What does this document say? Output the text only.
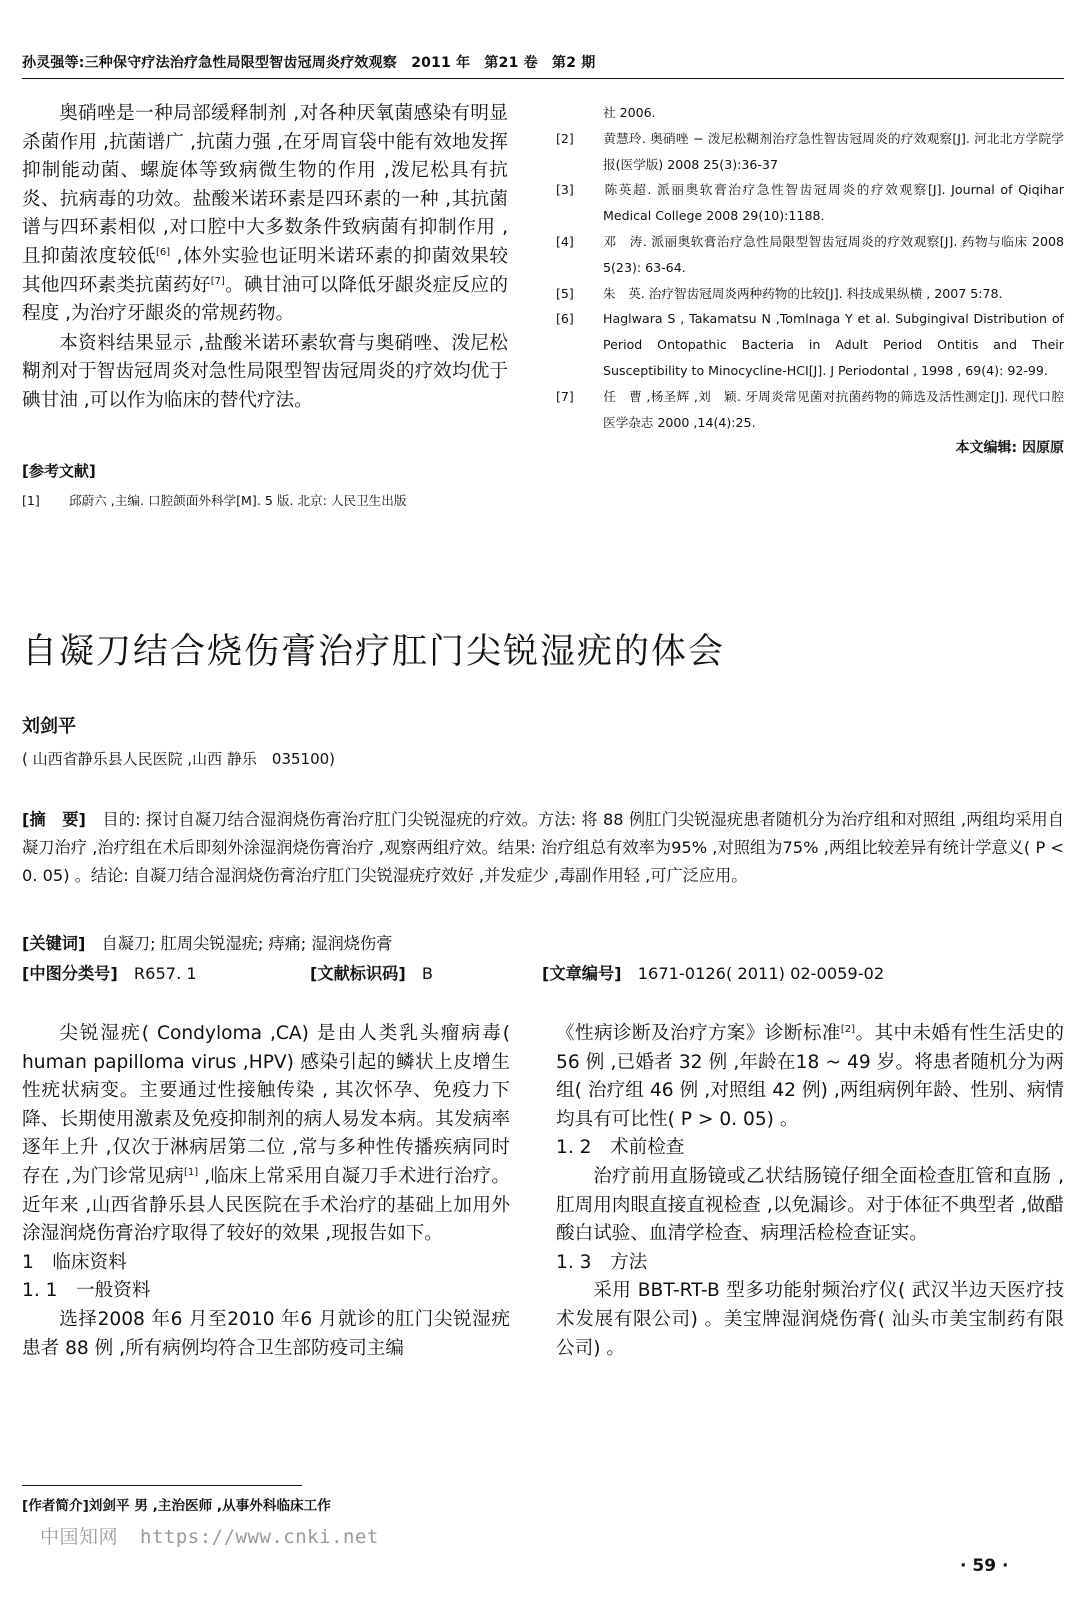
孙灵强等:三种保守疗法治疗急性局限型智齿冠周炎疗效观察　2011 年　第21 卷　第2 期

奥硝唑是一种局部缓释制剂 ,对各种厌氧菌感染有明显杀菌作用 ,抗菌谱广 ,抗菌力强 ,在牙周盲袋中能有效地发挥抑制能动菌、螺旋体等致病微生物的作用 ,泼尼松具有抗炎、抗病毒的功效。盐酸米诺环素是四环素的一种 ,其抗菌谱与四环素相似 ,对口腔中大多数条件致病菌有抑制作用 ,且抑菌浓度较低[6] ,体外实验也证明米诺环素的抑菌效果较其他四环素类抗菌药好[7]。碘甘油可以降低牙龈炎症反应的程度 ,为治疗牙龈炎的常规药物。

本资料结果显示 ,盐酸米诺环素软膏与奥硝唑、泼尼松糊剂对于智齿冠周炎对急性局限型智齿冠周炎的疗效均优于碘甘油 ,可以作为临床的替代疗法。

[参考文献]

[1] 邱蔚六 ,主编. 口腔颌面外科学[M]. 5 版. 北京: 人民卫生出版

社 2006.

[2] 黄慧玲. 奥硝唑 − 泼尼松糊剂治疗急性智齿冠周炎的疗效观察[J]. 河北北方学院学报(医学版) 2008 25(3):36-37

[3] 陈英超. 派丽奥软膏治疗急性智齿冠周炎的疗效观察[J]. Journal of Qiqihar Medical College 2008 29(10):1188.

[4] 邓　涛. 派丽奥软膏治疗急性局限型智齿冠周炎的疗效观察[J]. 药物与临床 2008 5(23): 63-64.

[5] 朱　英. 治疗智齿冠周炎两种药物的比较[J]. 科技成果纵横 , 2007 5:78.

[6] Haglwara S , Takamatsu N ,Tomlnaga Y et al. Subgingival Distribution of Period Ontopathic Bacteria in Adult Period Ontitis and Their Susceptibility to Minocycline-HCI[J]. J Periodontal , 1998 , 69(4): 92-99.

[7] 任　曹 ,杨圣辉 ,刘　颖. 牙周炎常见菌对抗菌药物的筛选及活性测定[J]. 现代口腔医学杂志 2000 ,14(4):25.

本文编辑: 因原原
自凝刀结合烧伤膏治疗肛门尖锐湿疣的体会
刘剑平
( 山西省静乐县人民医院 ,山西 静乐　035100)

[摘　要]　 目的: 探讨自凝刀结合湿润烧伤膏治疗肛门尖锐湿疣的疗效。方法: 将 88 例肛门尖锐湿疣患者随机分为治疗组和对照组 ,两组均采用自凝刀治疗 ,治疗组在术后即刻外涂湿润烧伤膏治疗 ,观察两组疗效。结果: 治疗组总有效率为95% ,对照组为75% ,两组比较差异有统计学意义( P < 0. 05) 。结论: 自凝刀结合湿润烧伤膏治疗肛门尖锐湿疣疗效好 ,并发症少 ,毒副作用轻 ,可广泛应用。

[关键词]　 自凝刀; 肛周尖锐湿疣; 痔痛; 湿润烧伤膏
[中图分类号]　 R657. 1	[文献标识码]　 B	[文章编号]　 1671-0126( 2011) 02-0059-02

尖锐湿疣( Condyloma ,CA) 是由人类乳头瘤病毒( human papilloma virus ,HPV) 感染引起的鳞状上皮增生性疣状病变。主要通过性接触传染 , 其次怀孕、免疫力下降、长期使用激素及免疫抑制剂的病人易发本病。其发病率逐年上升 ,仅次于淋病居第二位 ,常与多种性传播疾病同时存在 ,为门诊常见病[1] ,临床上常采用自凝刀手术进行治疗。近年来 ,山西省静乐县人民医院在手术治疗的基础上加用外涂湿润烧伤膏治疗取得了较好的效果 ,现报告如下。

1　临床资料

1. 1　一般资料

选择2008 年6 月至2010 年6 月就诊的肛门尖锐湿疣患者 88 例 ,所有病例均符合卫生部防疫司主编

《性病诊断及治疗方案》诊断标准[2]。其中未婚有性生活史的 56 例 ,已婚者 32 例 ,年龄在18 ~ 49 岁。将患者随机分为两组( 治疗组 46 例 ,对照组 42 例) ,两组病例年龄、性别、病情均具有可比性( P > 0. 05) 。

1. 2　术前检查

治疗前用直肠镜或乙状结肠镜仔细全面检查肛管和直肠 ,肛周用肉眼直接直视检查 ,以免漏诊。对于体征不典型者 ,做醋酸白试验、血清学检查、病理活检检查证实。

1. 3　方法

采用 BBT-RT-B 型多功能射频治疗仪( 武汉半边天医疗技术发展有限公司) 。美宝牌湿润烧伤膏( 汕头市美宝制药有限公司) 。

[作者简介]刘剑平 男 ,主治医师 ,从事外科临床工作
中国知网 https://www.cnki.net
· 59 ·
